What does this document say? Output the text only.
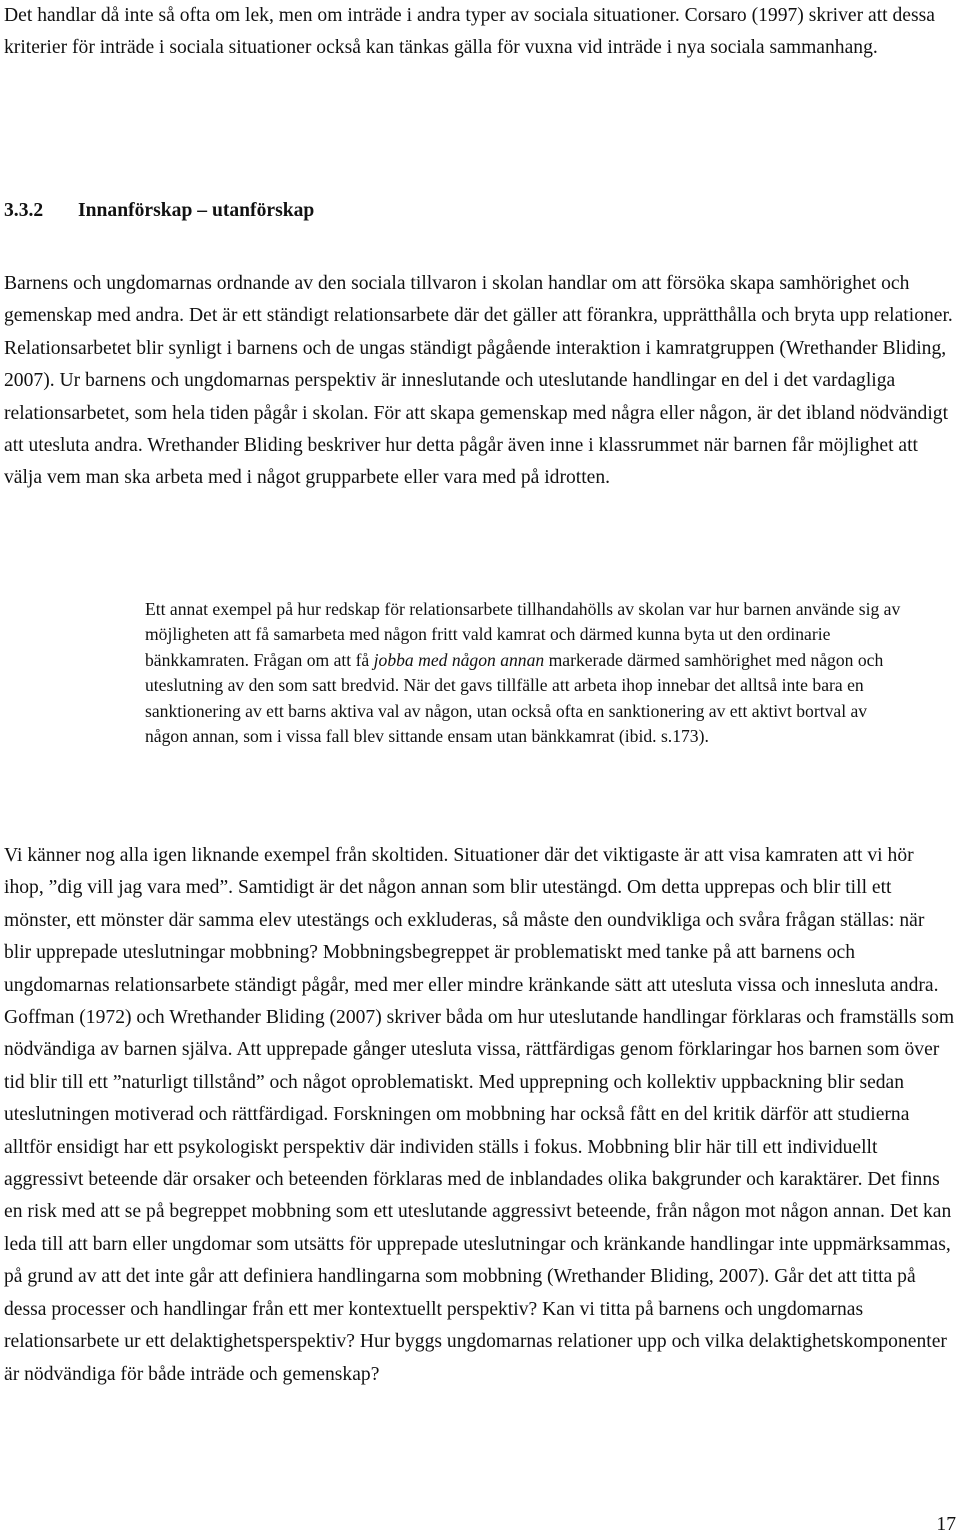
Det handlar då inte så ofta om lek, men om inträde i andra typer av sociala situationer. Corsaro (1997) skriver att dessa kriterier för inträde i sociala situationer också kan tänkas gälla för vuxna vid inträde i nya sociala sammanhang.

3.3.2 Innanförskap – utanförskap

Barnens och ungdomarnas ordnande av den sociala tillvaron i skolan handlar om att försöka skapa samhörighet och gemenskap med andra. Det är ett ständigt relationsarbete där det gäller att förankra, upprätthålla och bryta upp relationer. Relationsarbetet blir synligt i barnens och de ungas ständigt pågående interaktion i kamratgruppen (Wrethander Bliding, 2007). Ur barnens och ungdomarnas perspektiv är inneslutande och uteslutande handlingar en del i det vardagliga relationsarbetet, som hela tiden pågår i skolan. För att skapa gemenskap med några eller någon, är det ibland nödvändigt att utesluta andra. Wrethander Bliding beskriver hur detta pågår även inne i klassrummet när barnen får möjlighet att välja vem man ska arbeta med i något grupparbete eller vara med på idrotten.

Ett annat exempel på hur redskap för relationsarbete tillhandahölls av skolan var hur barnen använde sig av möjligheten att få samarbeta med någon fritt vald kamrat och därmed kunna byta ut den ordinarie bänkkamraten. Frågan om att få jobba med någon annan markerade därmed samhörighet med någon och uteslutning av den som satt bredvid. När det gavs tillfälle att arbeta ihop innebar det alltså inte bara en sanktionering av ett barns aktiva val av någon, utan också ofta en sanktionering av ett aktivt bortval av någon annan, som i vissa fall blev sittande ensam utan bänkkamrat (ibid. s.173).

Vi känner nog alla igen liknande exempel från skoltiden. Situationer där det viktigaste är att visa kamraten att vi hör ihop, ”dig vill jag vara med”. Samtidigt är det någon annan som blir utestängd. Om detta upprepas och blir till ett mönster, ett mönster där samma elev utestängs och exkluderas, så måste den oundvikliga och svåra frågan ställas: när blir upprepade uteslutningar mobbning? Mobbningsbegreppet är problematiskt med tanke på att barnens och ungdomarnas relationsarbete ständigt pågår, med mer eller mindre kränkande sätt att utesluta vissa och innesluta andra. Goffman (1972) och Wrethander Bliding (2007) skriver båda om hur uteslutande handlingar förklaras och framställs som nödvändiga av barnen själva. Att upprepade gånger utesluta vissa, rättfärdigas genom förklaringar hos barnen som över tid blir till ett ”naturligt tillstånd” och något oproblematiskt. Med upprepning och kollektiv uppbackning blir sedan uteslutningen motiverad och rättfärdigad. Forskningen om mobbning har också fått en del kritik därför att studierna alltför ensidigt har ett psykologiskt perspektiv där individen ställs i fokus. Mobbning blir här till ett individuellt aggressivt beteende där orsaker och beteenden förklaras med de inblandades olika bakgrunder och karaktärer. Det finns en risk med att se på begreppet mobbning som ett uteslutande aggressivt beteende, från någon mot någon annan. Det kan leda till att barn eller ungdomar som utsätts för upprepade uteslutningar och kränkande handlingar inte uppmärksammas, på grund av att det inte går att definiera handlingarna som mobbning (Wrethander Bliding, 2007). Går det att titta på dessa processer och handlingar från ett mer kontextuellt perspektiv? Kan vi titta på barnens och ungdomarnas relationsarbete ur ett delaktighetsperspektiv? Hur byggs ungdomarnas relationer upp och vilka delaktighetskomponenter är nödvändiga för både inträde och gemenskap?

17
